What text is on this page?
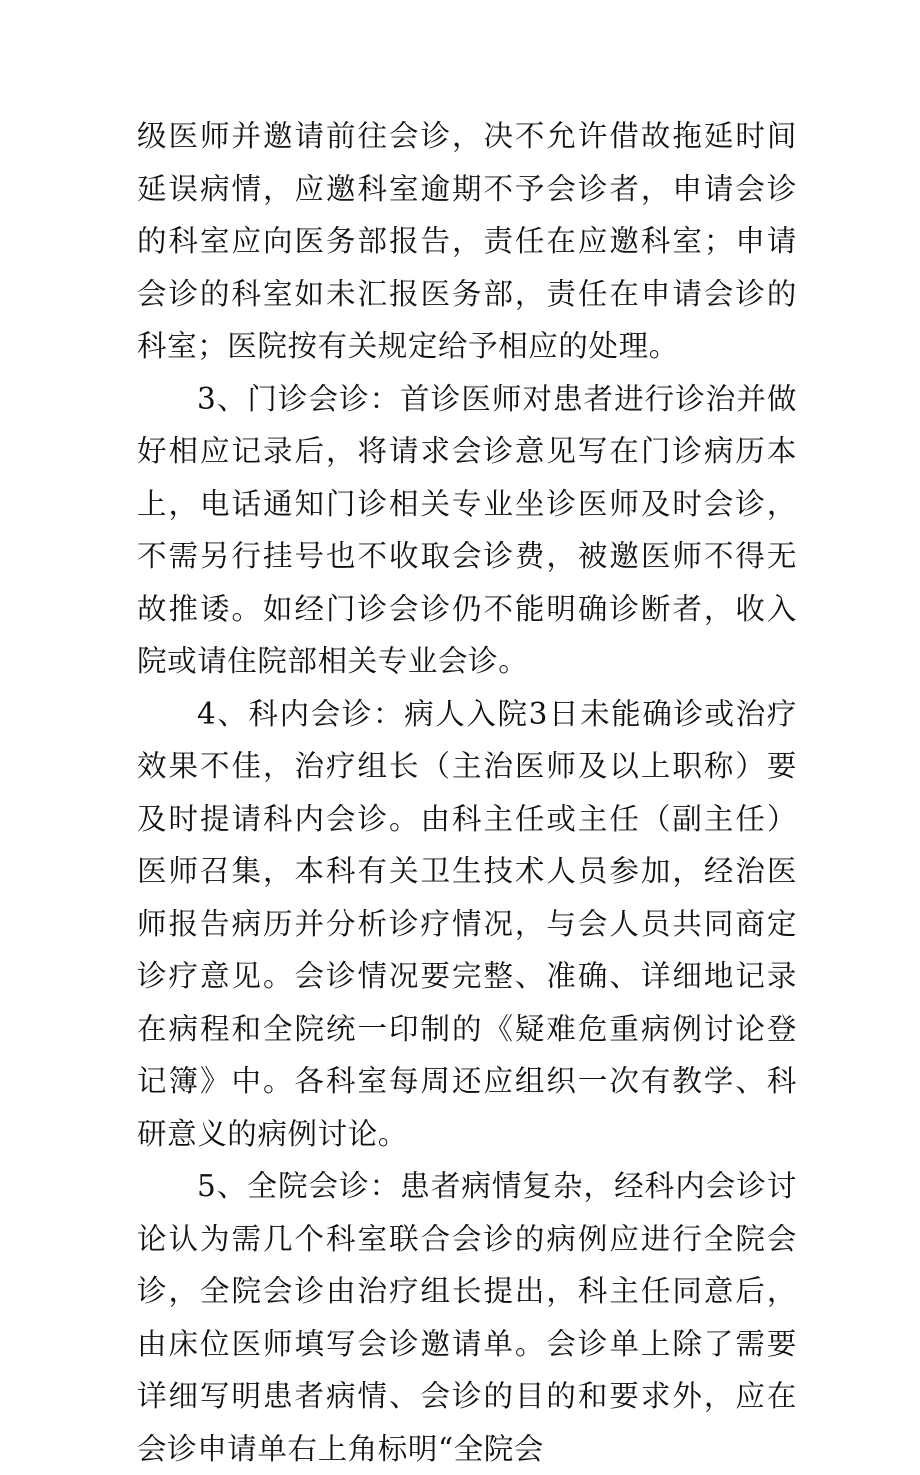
级医师并邀请前往会诊，决不允许借故拖延时间延误病情，应邀科室逾期不予会诊者，申请会诊的科室应向医务部报告，责任在应邀科室；申请会诊的科室如未汇报医务部，责任在申请会诊的科室；医院按有关规定给予相应的处理。

3、门诊会诊：首诊医师对患者进行诊治并做好相应记录后，将请求会诊意见写在门诊病历本上，电话通知门诊相关专业坐诊医师及时会诊，不需另行挂号也不收取会诊费，被邀医师不得无故推诿。如经门诊会诊仍不能明确诊断者，收入院或请住院部相关专业会诊。

4、科内会诊：病人入院3日未能确诊或治疗效果不佳，治疗组长（主治医师及以上职称）要及时提请科内会诊。由科主任或主任（副主任）医师召集，本科有关卫生技术人员参加，经治医师报告病历并分析诊疗情况，与会人员共同商定诊疗意见。会诊情况要完整、准确、详细地记录在病程和全院统一印制的《疑难危重病例讨论登记簿》中。各科室每周还应组织一次有教学、科研意义的病例讨论。

5、全院会诊：患者病情复杂，经科内会诊讨论认为需几个科室联合会诊的病例应进行全院会诊，全院会诊由治疗组长提出，科主任同意后，由床位医师填写会诊邀请单。会诊单上除了需要详细写明患者病情、会诊的目的和要求外，应在会诊申请单右上角标明“全院会
